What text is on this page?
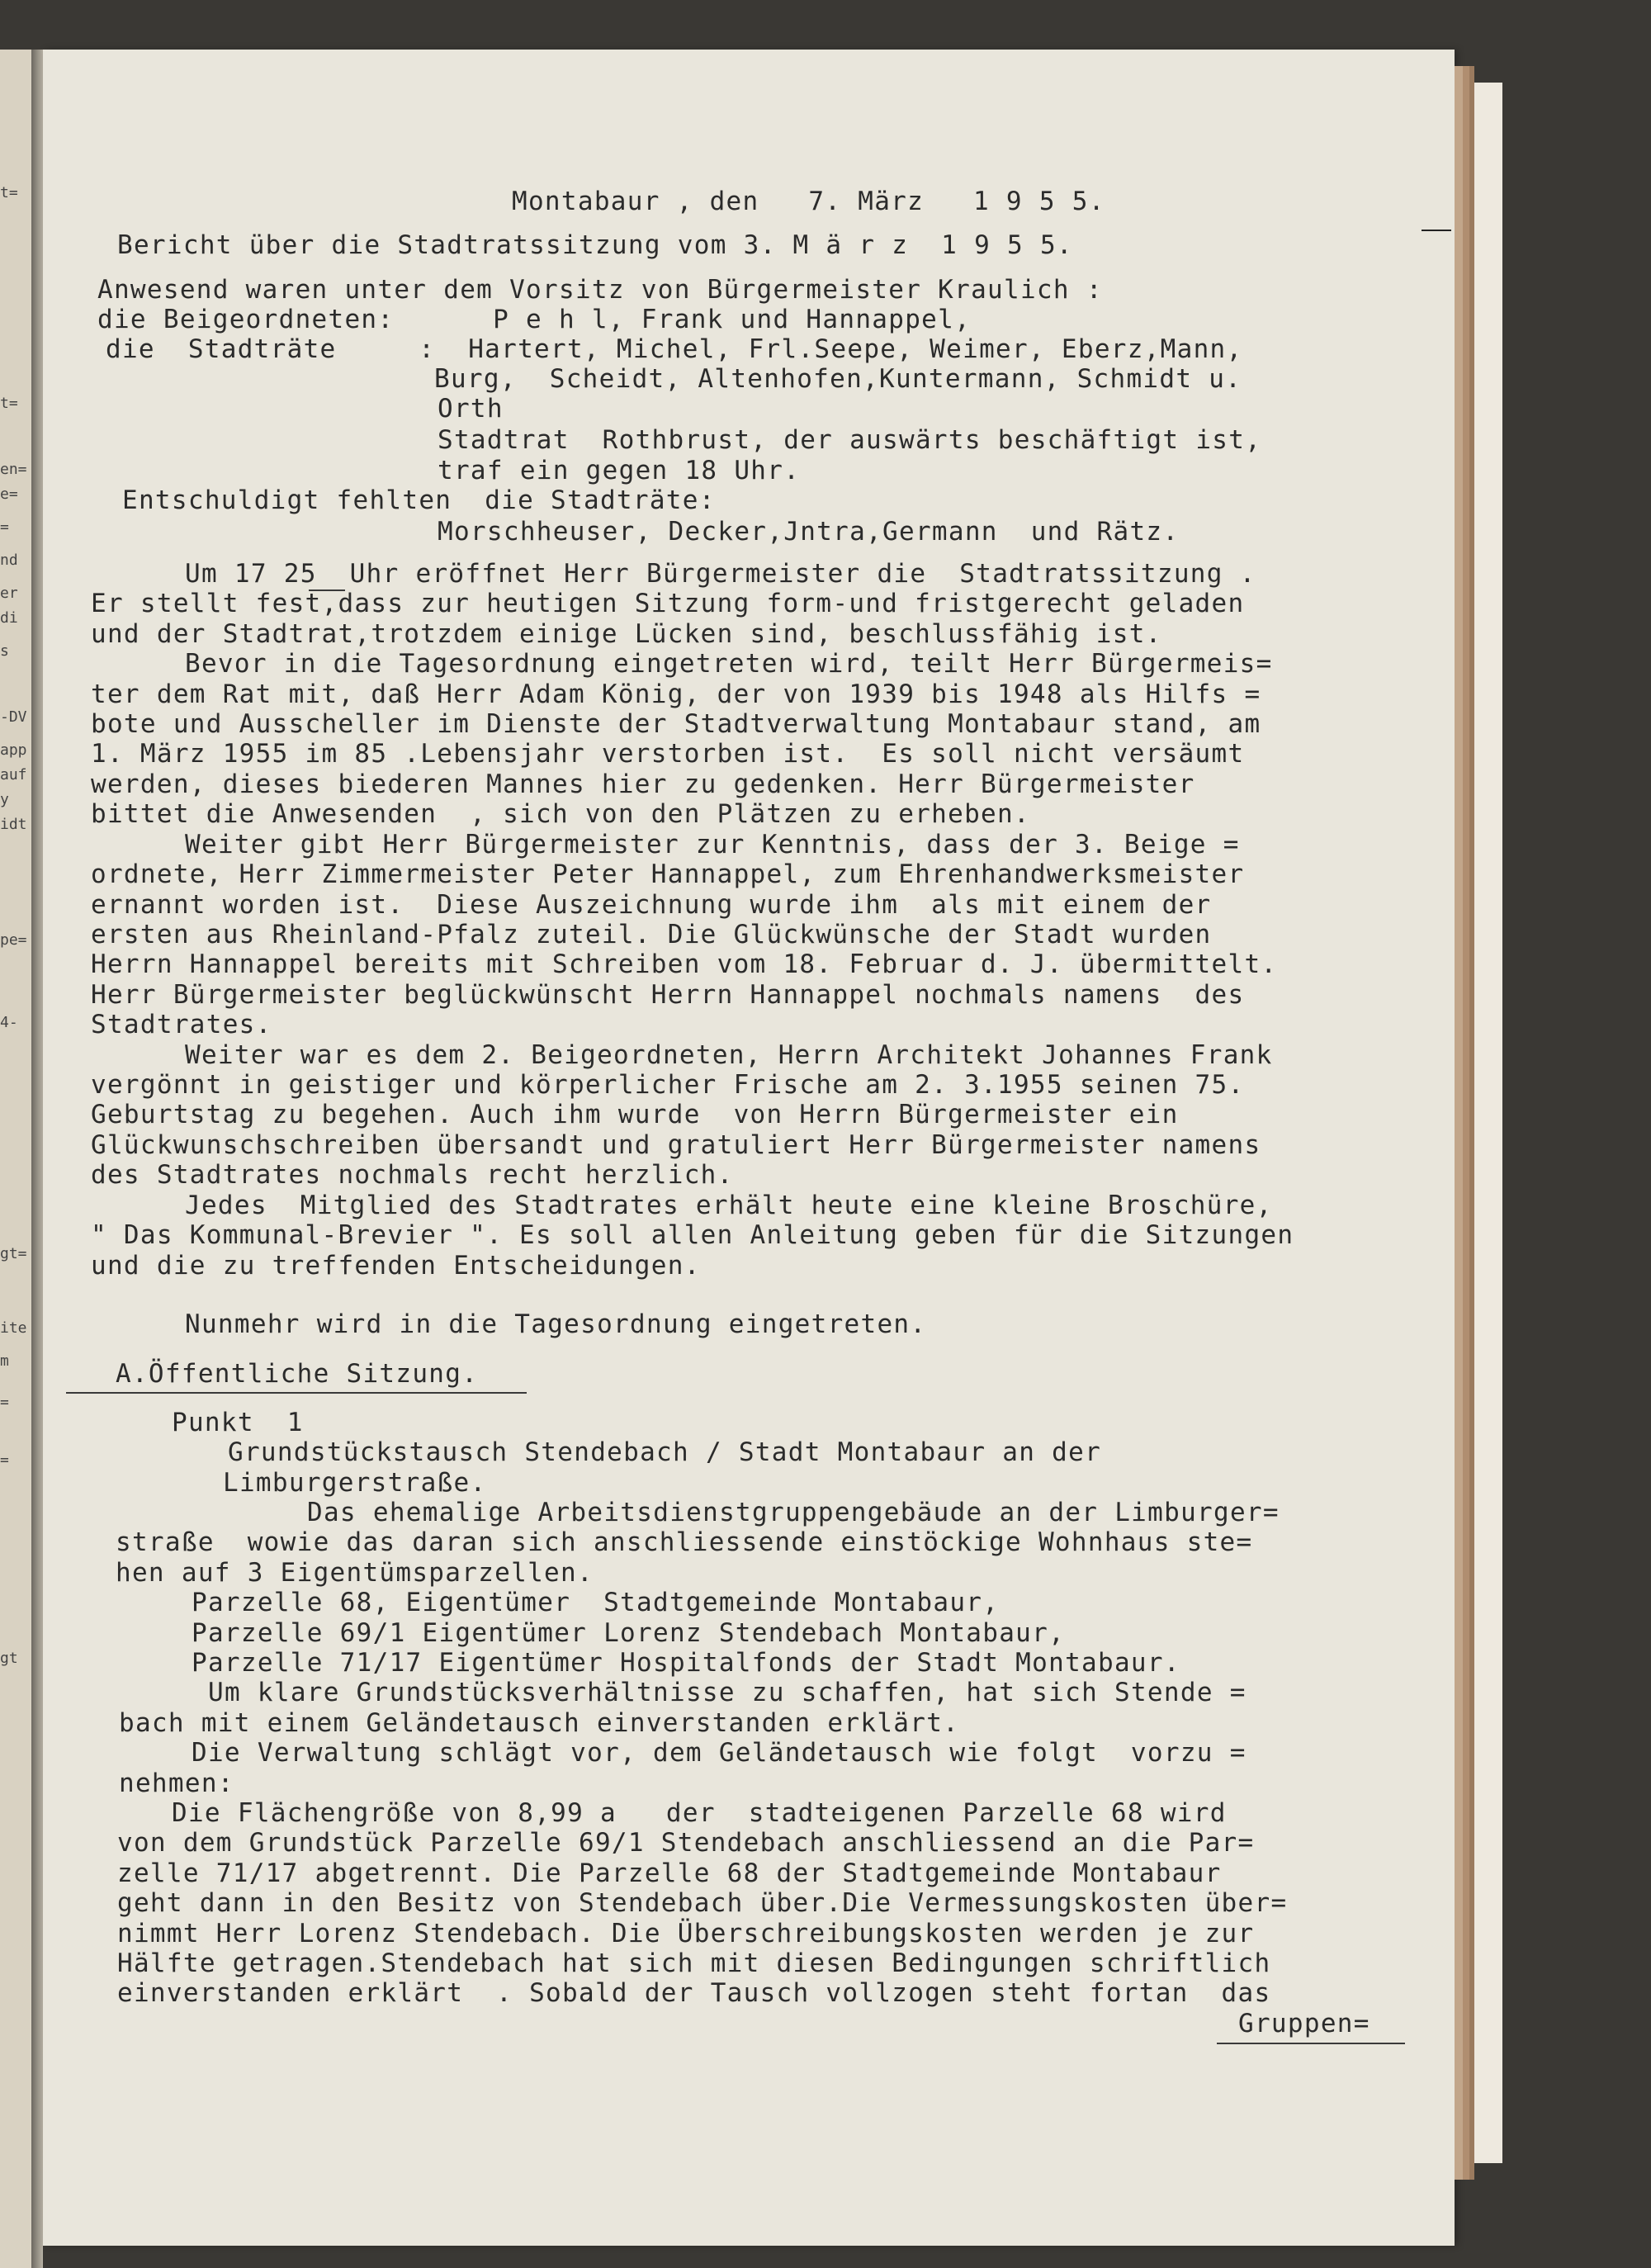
t=
t=
en=
e=
=
nd
er
di
s
-DV
app
auf
y
idt
pe=
4-
gt=
ite
m
=
=
gt
Montabaur , den   7. März   1 9 5 5.
Bericht über die Stadtratssitzung vom 3. M ä r z  1 9 5 5.
Anwesend waren unter dem Vorsitz von Bürgermeister Kraulich :
die Beigeordneten:      P e h l, Frank und Hannappel,
die  Stadträte     :  Hartert, Michel, Frl.Seepe, Weimer, Eberz,Mann,
Burg,  Scheidt, Altenhofen,Kuntermann, Schmidt u.
Orth
Stadtrat  Rothbrust, der auswärts beschäftigt ist,
traf ein gegen 18 Uhr.
Entschuldigt fehlten  die Stadträte:
Morschheuser, Decker,Jntra,Germann  und Rätz.
Um 17 25  Uhr eröffnet Herr Bürgermeister die  Stadtratssitzung .
Er stellt fest,dass zur heutigen Sitzung form-und fristgerecht geladen
und der Stadtrat,trotzdem einige Lücken sind, beschlussfähig ist.
Bevor in die Tagesordnung eingetreten wird, teilt Herr Bürgermeis=
ter dem Rat mit, daß Herr Adam König, der von 1939 bis 1948 als Hilfs =
bote und Ausscheller im Dienste der Stadtverwaltung Montabaur stand, am
1. März 1955 im 85 .Lebensjahr verstorben ist.  Es soll nicht versäumt
werden, dieses biederen Mannes hier zu gedenken. Herr Bürgermeister
bittet die Anwesenden  , sich von den Plätzen zu erheben.
Weiter gibt Herr Bürgermeister zur Kenntnis, dass der 3. Beige =
ordnete, Herr Zimmermeister Peter Hannappel, zum Ehrenhandwerksmeister
ernannt worden ist.  Diese Auszeichnung wurde ihm  als mit einem der
ersten aus Rheinland-Pfalz zuteil. Die Glückwünsche der Stadt wurden
Herrn Hannappel bereits mit Schreiben vom 18. Februar d. J. übermittelt.
Herr Bürgermeister beglückwünscht Herrn Hannappel nochmals namens  des
Stadtrates.
Weiter war es dem 2. Beigeordneten, Herrn Architekt Johannes Frank
vergönnt in geistiger und körperlicher Frische am 2. 3.1955 seinen 75.
Geburtstag zu begehen. Auch ihm wurde  von Herrn Bürgermeister ein
Glückwunschschreiben übersandt und gratuliert Herr Bürgermeister namens
des Stadtrates nochmals recht herzlich.
Jedes  Mitglied des Stadtrates erhält heute eine kleine Broschüre,
" Das Kommunal-Brevier ". Es soll allen Anleitung geben für die Sitzungen
und die zu treffenden Entscheidungen.
Nunmehr wird in die Tagesordnung eingetreten.
A.Öffentliche Sitzung.
Punkt  1
Grundstückstausch Stendebach / Stadt Montabaur an der
Limburgerstraße.
Das ehemalige Arbeitsdienstgruppengebäude an der Limburger=
straße  wowie das daran sich anschliessende einstöckige Wohnhaus ste=
hen auf 3 Eigentümsparzellen.
Parzelle 68, Eigentümer  Stadtgemeinde Montabaur,
Parzelle 69/1 Eigentümer Lorenz Stendebach Montabaur,
Parzelle 71/17 Eigentümer Hospitalfonds der Stadt Montabaur.
Um klare Grundstücksverhältnisse zu schaffen, hat sich Stende =
bach mit einem Geländetausch einverstanden erklärt.
Die Verwaltung schlägt vor, dem Geländetausch wie folgt  vorzu =
nehmen:
Die Flächengröße von 8,99 a   der  stadteigenen Parzelle 68 wird
von dem Grundstück Parzelle 69/1 Stendebach anschliessend an die Par=
zelle 71/17 abgetrennt. Die Parzelle 68 der Stadtgemeinde Montabaur
geht dann in den Besitz von Stendebach über.Die Vermessungskosten über=
nimmt Herr Lorenz Stendebach. Die Überschreibungskosten werden je zur
Hälfte getragen.Stendebach hat sich mit diesen Bedingungen schriftlich
einverstanden erklärt  . Sobald der Tausch vollzogen steht fortan  das
Gruppen=
